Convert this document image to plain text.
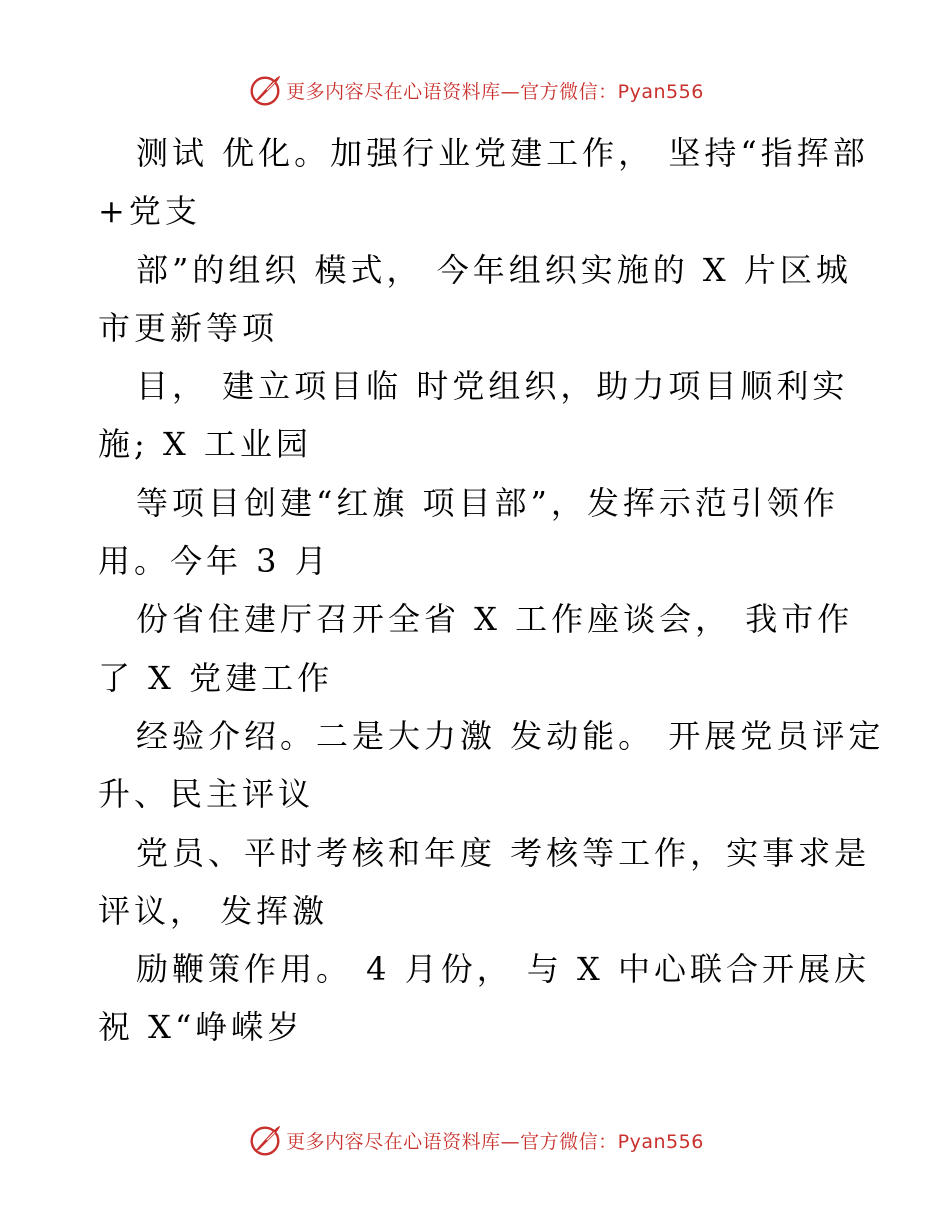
更多内容尽在心语资料库—官方微信：Pyan556
测试 优化。加强行业党建工作， 坚持“指挥部
+党支
部”的组织 模式， 今年组织实施的 X 片区城
市更新等项
目， 建立项目临 时党组织，助力项目顺利实
施; X 工业园
等项目创建“红旗 项目部”，发挥示范引领作
用。今年 3 月
份省住建厅召开全省 X 工作座谈会， 我市作
了 X 党建工作
经验介绍。二是大力激 发动能。 开展党员评定
升、民主评议
党员、平时考核和年度 考核等工作，实事求是
评议， 发挥激
励鞭策作用。 4 月份， 与 X 中心联合开展庆
祝 X“峥嵘岁
更多内容尽在心语资料库—官方微信：Pyan556
